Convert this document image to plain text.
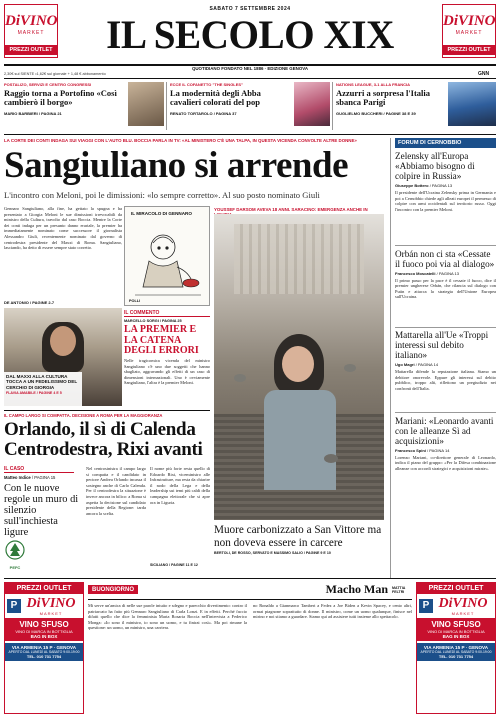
DiVINO
MARKET
PREZZI OUTLET
DiVINO
MARKET
PREZZI OUTLET
SABATO 7 SETTEMBRE 2024
IL SECOLO XIX
QUOTIDIANO FONDATO NEL 1886 · EDIZIONE GENOVA
2,30€ sul SIENTE •1,62€ sul giornale + 1,48 € abbonamento	GNN
POSTALIZO, SERVIZI E CENTRO CONGRESSI
Raggio torna a Portofino «Così cambierò il borgo»
MARIO BARBIERI / PAGINA 21
ECCE IL COFANETTO "THE SINGLES"
La modernità degli Abba cavalieri colorati del pop
RENATO TORTAROLO / PAGINA 37
NATIONS LEAGUE, 3-1 ALLA FRANCIA
Azzurri a sorpresa l'Italia sbanca Parigi
GUGLIELMO BUCCHERI / PAGINE 38 E 39
LA CORTE DEI CONTI INDAGA SUI VIAGGI CON L'AUTO BLU. BOCCIA PARLA IN TV: «AL MINISTERO C'È UNA TALPA, IN QUESTA VICENDA CONVOLTE ALTRE DONNE»
Sangiuliano si arrende
L'incontro con Meloni, poi le dimissioni: «lo sempre corretto». Al suo posto nominato Giuli
Gennaro Sangiuliano, alla fine, ha gettato la spugna e ha presentato a Giorgia Meloni le sue dimissioni irrevocabili da ministro della Cultura, travolto dal caso Boccia. Mentre la Corte dei conti indaga per un presunto danno erariale, la premier ha immediatamente nominato come successore il giornalista Alessandro Giuli, recentemente nominato dal governo di centrodestra presidente del Maxxi di Roma. Sangiuliano, lasciando, ha detto di essere sempre stato corretto.
DE ANTONIO / PAGINE 2-7
DAL MAXXI ALLA CULTURA TOCCA A UN FEDELISSIMO DEL CERCHIO DI GIORGIA
FLAVIA AMABILE / PAGINE 4 E 5
IL MIRACOLO DI GENNARO
POLLI
IL COMMENTO
MARCELLO SORGI / PAGINA 25
LA PREMIER E LA CATENA DEGLI ERRORI
Nelle tragicomica vicenda del ministro Sangiuliano c'è uno due soggetti che hanno sbagliato, aggravando gli effetti di un caso di dimensioni internazionali. Uno è ovviamente Sangiuliano, l'altra è la premier Meloni.
YOUSSEF DARSOM AVEVA 18 ANNI. SARACINO: EMERGENZA ANCHE IN
Muore carbonizzato a San Vittore ma non doveva essere in carcere
BERTOLI, DE ROSSO, SERVATO E MASSIMO SALIO / PAGINE 9 E 10
FORUM DI CERNOBBIO
Zelensky all'Europa «Abbiamo bisogno di colpire in Russia»
Giuseppe Bottero / PAGINA 13
Il presidente dell'Ucraina Zelensky prima in Germania e poi a Cernobbio chiede agli alleati europei il permesso di colpire con armi occidentali sul territorio russo. Oggi l'incontro con la premier Meloni.
Orbán non ci sta «Cessate il fuoco poi via al dialogo»
Francesco Moscatelli / PAGINA 13
Il primo passo per la pace è il cessate il fuoco, dice il premier ungherese Orbán, che rilancia sul dialogo con Putin e attacca la strategia dell'Unione Europea sull'Ucraina.
Mattarella all'Ue «Troppi interessi sul debito italiano»
Ugo Magri / PAGINA 14
Mattarella difende la reputazione italiana. Siamo un debitore onorevole. Eppure gli interessi sul debito pubblico, troppo alti, riflettono un pregiudizio nei confronti dell'Italia.
Mariani: «Leonardo avanti con le alleanze Sì ad acquisizioni»
Francesco Spini / PAGINA 14
Lorenzo Mariani, co-direttore generale di Leonardo, indica il piano del gruppo: «Per la Difesa combinazione alleanze con accordi strategici e acquisizioni mirate».
IL CAMPO LARGO SI COMPATTA. DECISIONE A ROMA PER LA MAGGIORANZA
Orlando, il sì di Calenda Centrodestra, Rixi avanti
IL CASO
Matteo Indice / PAGINA 15
Con le nuove regole un muro di silenzio sull'inchiesta ligure
Nel centrosinistra il campo largo si compatta e il candidato in pectore Andrea Orlando incassa il sostegno anche di Carlo Calenda. Per il centrodestra la situazione è invece ancora in bilico: a Roma si aspetta la decisione sul candidato presidente della Regione: tarda ancora la scelta.
Il nome più forte resta quello di Edoardo Rixi, viceministro alle Infrastrutture, ma resta da chiarire il nodo della Lega e della leadership sui temi più caldi della campagna elettorale che si apre ora in Liguria.
SICILIANO / PAGINE 11 E 12
PEFC
PREZZI OUTLET
P DiVINO
MARKET
VINO SFUSO
VINO DI MARCA IN BOTTIGLIA
BAG IN BOX
VIA ARMENIA 15 P · GENOVA
APERTO DAL LUNEDÌ AL SABATO 9:00-19:00
TEL. 010 731 7754
BUONGIORNO	Macho Man MATTIA FELTRI
Mi serve un'amica di nelle sue parole intuito e sdegno e parecchio divertimento: contro il patriarcato ha fatto più Gennaro Sangiuliano di Carla Lonzi. E in effetti. Perché faccio difatti quello che dice la femminista Maria Rosaria Boccia nell'intervista a Federico Monga: «Io sono il ministro, io sono un uomo, e tu finirai così». Ma poi rimane la questione: un uomo, un ministro, una carriera.
no Ronaldo a Gianmarco Tamberi a Fedez a Joe Biden a Kevin Spacey, e cento altri, ormai piagnone soprattutto di donne. Il ministro, come un uomo qualunque, finisce nel mirino e noi stiamo a guardare. Siamo qui ad assistere tutti insieme allo spettacolo.
PREZZI OUTLET
P DiVINO
MARKET
VINO SFUSO
VINO DI MARCA IN BOTTIGLIA
BAG IN BOX
VIA ARMENIA 15 P · GENOVA
APERTO DAL LUNEDÌ AL SABATO 9:00-19:00
TEL. 010 731 7754
